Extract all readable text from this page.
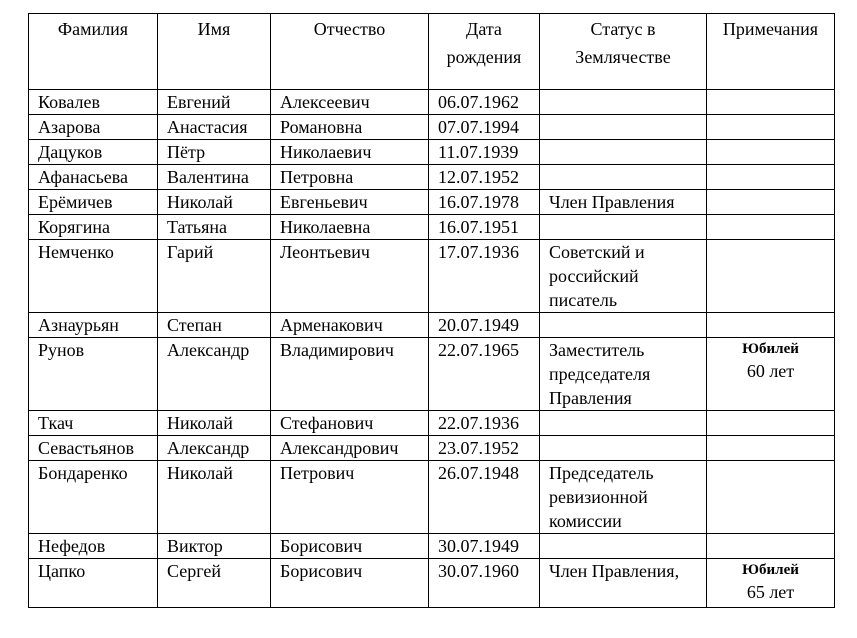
Фамилия	Имя	Отчество	Дата рождения	Статус в Землячестве	Примечания
Ковалев	Евгений	Алексеевич	06.07.1962		

Азарова	Анастасия	Романовна	07.07.1994		

Дацуков	Пётр	Николаевич	11.07.1939		

Афанасьева	Валентина	Петровна	12.07.1952		

Ерёмичев	Николай	Евгеньевич	16.07.1978	Член Правления	

Корягина	Татьяна	Николаевна	16.07.1951		

Немченко	Гарий	Леонтьевич	17.07.1936	Советский и российский писатель	

Азнаурьян	Степан	Арменакович	20.07.1949		

Рунов	Александр	Владимирович	22.07.1965	Заместитель председателя Правления	Юбилей
60 лет

Ткач	Николай	Стефанович	22.07.1936		

Севастьянов	Александр	Александрович	23.07.1952		

Бондаренко	Николай	Петрович	26.07.1948	Председатель ревизионной комиссии	

Нефедов	Виктор	Борисович	30.07.1949		

Цапко	Сергей	Борисович	30.07.1960	Член Правления,	Юбилей
65 лет
